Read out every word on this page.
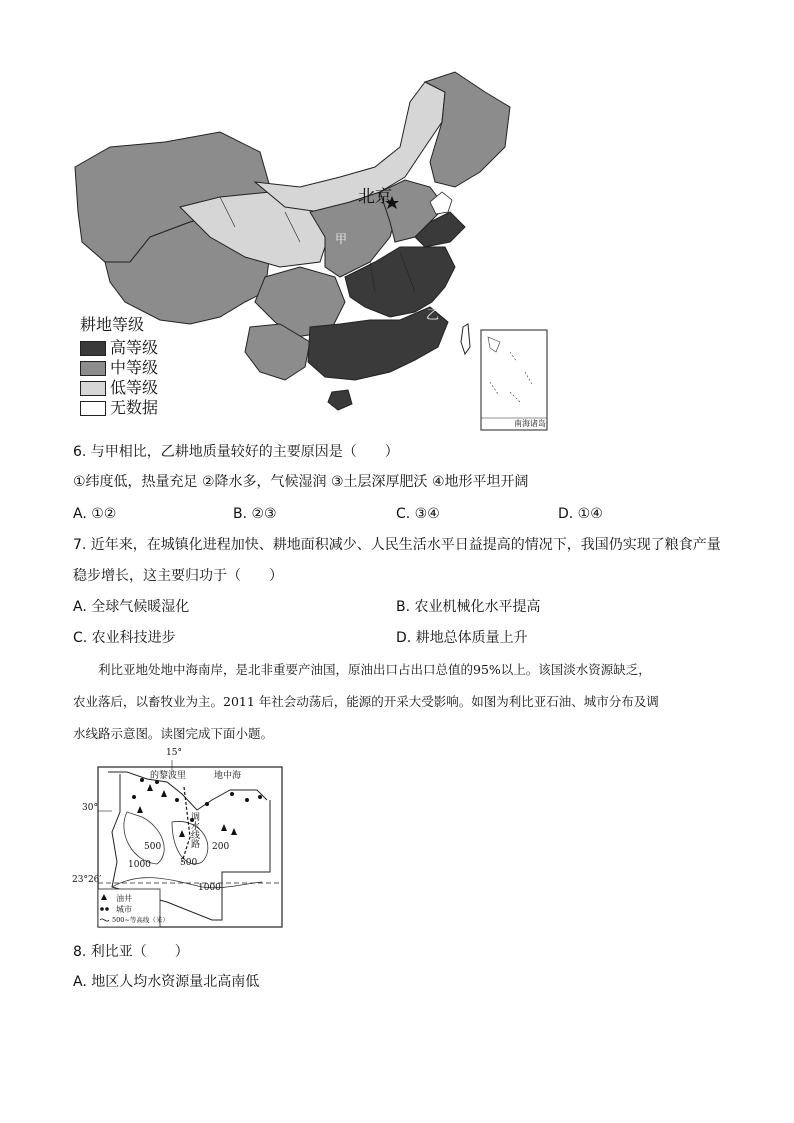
北京
甲
乙
南海诸岛
耕地等级
高等级
中等级
低等级
无数据
6. 与甲相比，乙耕地质量较好的主要原因是（　　）
①纬度低，热量充足 ②降水多，气候湿润 ③土层深厚肥沃 ④地形平坦开阔
A. ①②	B. ②③	C. ③④	D. ①④
7. 近年来，在城镇化进程加快、耕地面积减少、人民生活水平日益提高的情况下，我国仍实现了粮食产量
稳步增长，这主要归功于（　　）
A. 全球气候暖湿化	B. 农业机械化水平提高
C. 农业科技进步	D. 耕地总体质量上升
利比亚地处地中海南岸，是北非重要产油国，原油出口占出口总值的95%以上。该国淡水资源缺乏，
农业落后，以畜牧业为主。2011 年社会动荡后，能源的开采大受影响。如图为利比亚石油、城市分布及调
水线路示意图。读图完成下面小题。
15°
的黎波里	地中海
30°
23°26′
500
500
200
1000
1000
调水线路
油井
城市
500~等高线（米）
8. 利比亚（　　）
A. 地区人均水资源量北高南低
